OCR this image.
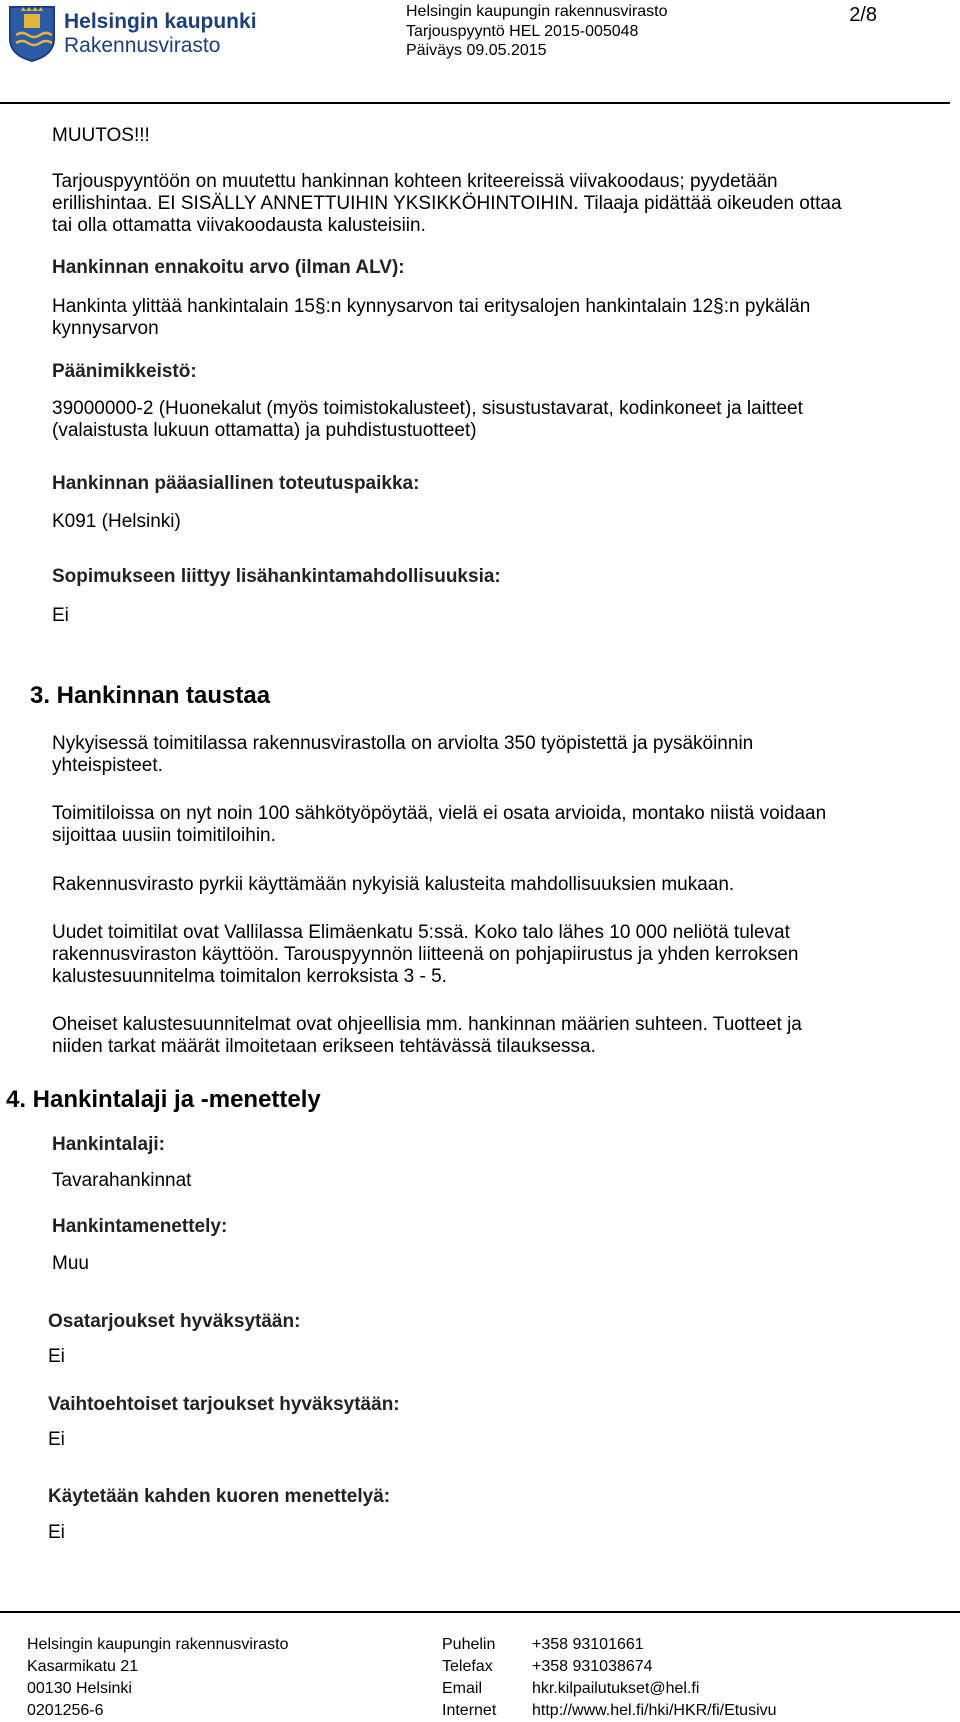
Helsingin kaupunki
Rakennusvirasto
Helsingin kaupungin rakennusvirasto
Tarjouspyyntö HEL 2015-005048
Päiväys 09.05.2015
2/8
MUUTOS!!!
Tarjouspyyntöön on muutettu hankinnan kohteen kriteereissä viivakoodaus; pyydetään
erillishintaa. EI SISÄLLY ANNETTUIHIN YKSIKKÖHINTOIHIN. Tilaaja pidättää oikeuden ottaa
tai olla ottamatta viivakoodausta kalusteisiin.
Hankinnan ennakoitu arvo (ilman ALV):
Hankinta ylittää hankintalain 15§:n kynnysarvon tai eritysalojen hankintalain 12§:n pykälän
kynnysarvon
Päänimikkeistö:
39000000-2 (Huonekalut (myös toimistokalusteet), sisustustavarat, kodinkoneet ja laitteet
(valaistusta lukuun ottamatta) ja puhdistustuotteet)
Hankinnan pääasiallinen toteutuspaikka:
K091 (Helsinki)
Sopimukseen liittyy lisähankintamahdollisuuksia:
Ei
3. Hankinnan taustaa
Nykyisessä toimitilassa rakennusvirastolla on arviolta 350 työpistettä ja pysäköinnin
yhteispisteet.
Toimitiloissa on nyt noin 100 sähkötyöpöytää, vielä ei osata arvioida, montako niistä voidaan
sijoittaa uusiin toimitiloihin.
Rakennusvirasto pyrkii käyttämään nykyisiä kalusteita mahdollisuuksien mukaan.
Uudet toimitilat ovat Vallilassa Elimäenkatu 5:ssä. Koko talo lähes 10 000 neliötä tulevat
rakennusviraston käyttöön. Tarouspyynnön liitteenä on pohjapiirustus ja yhden kerroksen
kalustesuunnitelma toimitalon kerroksista 3 - 5.
Oheiset kalustesuunnitelmat ovat ohjeellisia mm. hankinnan määrien suhteen. Tuotteet ja
niiden tarkat määrät ilmoitetaan erikseen tehtävässä tilauksessa.
4. Hankintalaji ja -menettely
Hankintalaji:
Tavarahankinnat
Hankintamenettely:
Muu
Osatarjoukset hyväksytään:
Ei
Vaihtoehtoiset tarjoukset hyväksytään:
Ei
Käytetään kahden kuoren menettelyä:
Ei
Helsingin kaupungin rakennusvirasto
Kasarmikatu 21
00130 Helsinki
0201256-6
Puhelin
Telefax
Email
Internet
+358 93101661
+358 931038674
hkr.kilpailutukset@hel.fi
http://www.hel.fi/hki/HKR/fi/Etusivu
